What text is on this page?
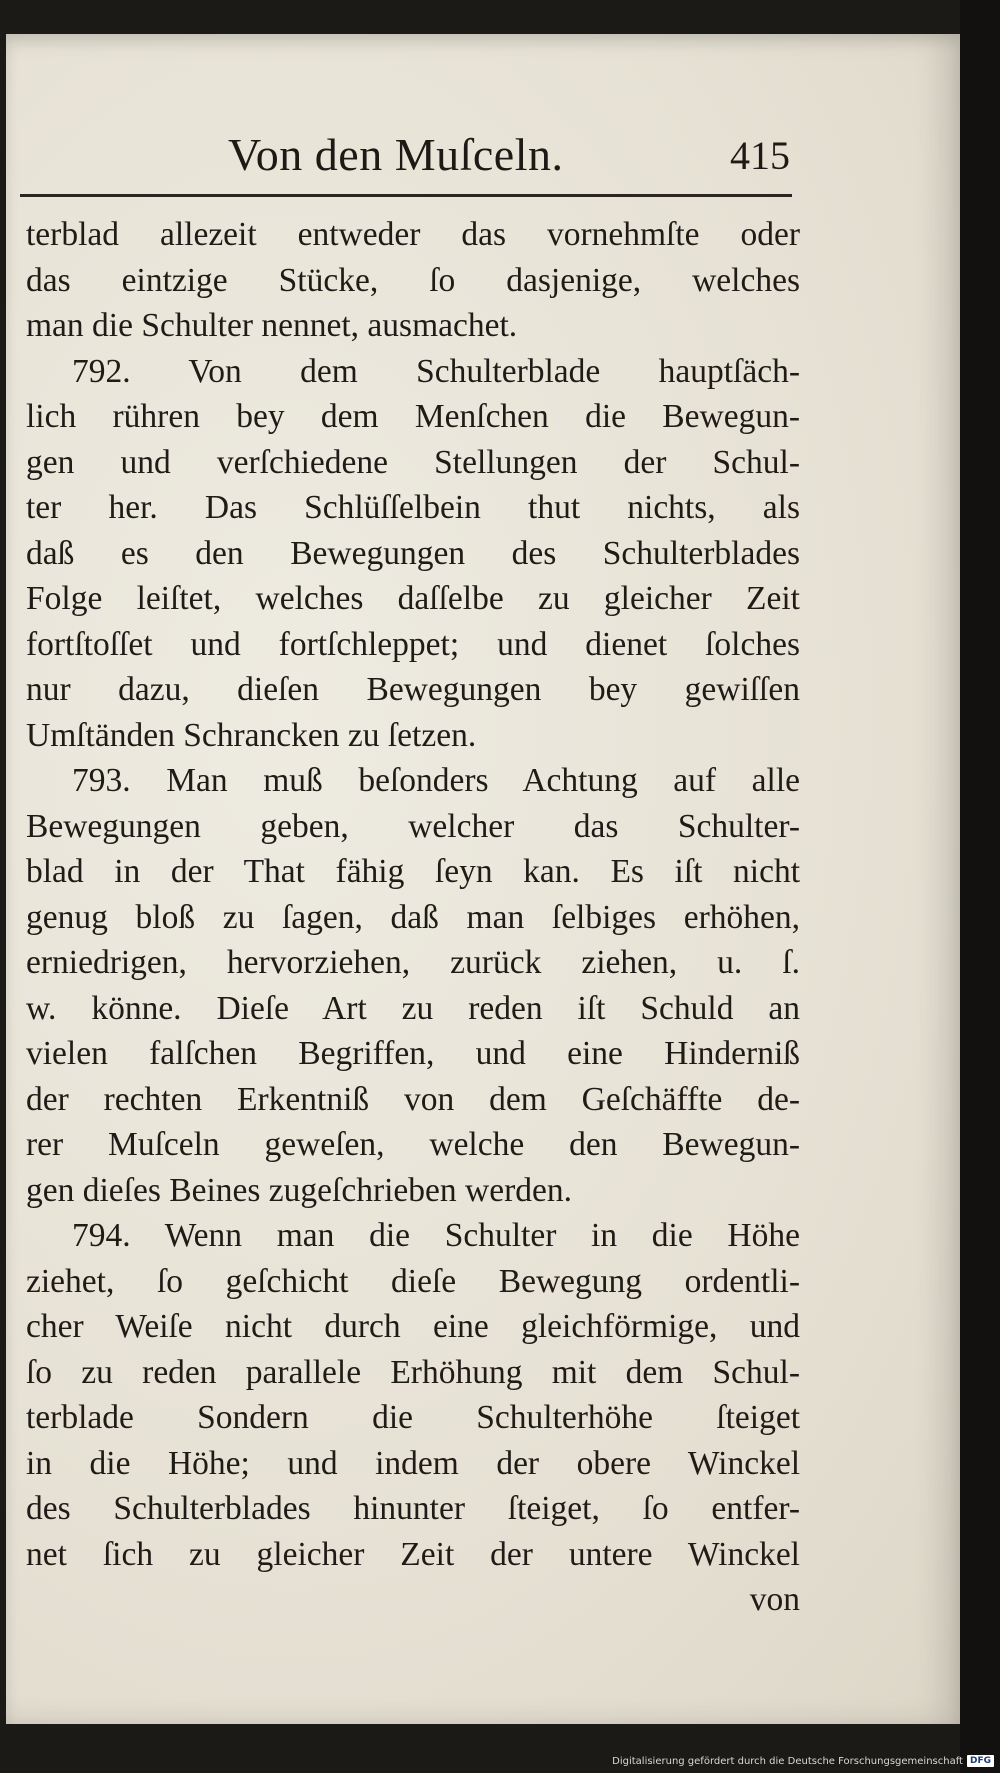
Von den Muſceln.	415
terblad allezeit entweder das vornehmſte oder
das eintzige Stücke, ſo dasjenige, welches
man die Schulter nennet, ausmachet.
792. Von dem Schulterblade hauptſäch-
lich rühren bey dem Menſchen die Bewegun-
gen und verſchiedene Stellungen der Schul-
ter her. Das Schlüſſelbein thut nichts, als
daß es den Bewegungen des Schulterblades
Folge leiſtet, welches daſſelbe zu gleicher Zeit
fortſtoſſet und fortſchleppet; und dienet ſolches
nur dazu, dieſen Bewegungen bey gewiſſen
Umſtänden Schrancken zu ſetzen.
793. Man muß beſonders Achtung auf alle
Bewegungen geben, welcher das Schulter-
blad in der That fähig ſeyn kan. Es iſt nicht
genug bloß zu ſagen, daß man ſelbiges erhöhen,
erniedrigen, hervorziehen, zurück ziehen, u. ſ.
w. könne. Dieſe Art zu reden iſt Schuld an
vielen falſchen Begriffen, und eine Hinderniß
der rechten Erkentniß von dem Geſchäffte de-
rer Muſceln geweſen, welche den Bewegun-
gen dieſes Beines zugeſchrieben werden.
794. Wenn man die Schulter in die Höhe
ziehet, ſo geſchicht dieſe Bewegung ordentli-
cher Weiſe nicht durch eine gleichförmige, und
ſo zu reden parallele Erhöhung mit dem Schul-
terblade Sondern die Schulterhöhe ſteiget
in die Höhe; und indem der obere Winckel
des Schulterblades hinunter ſteiget, ſo entfer-
net ſich zu gleicher Zeit der untere Winckel
von
Digitalisierung gefördert durch die Deutsche Forschungsgemeinschaft DFG
